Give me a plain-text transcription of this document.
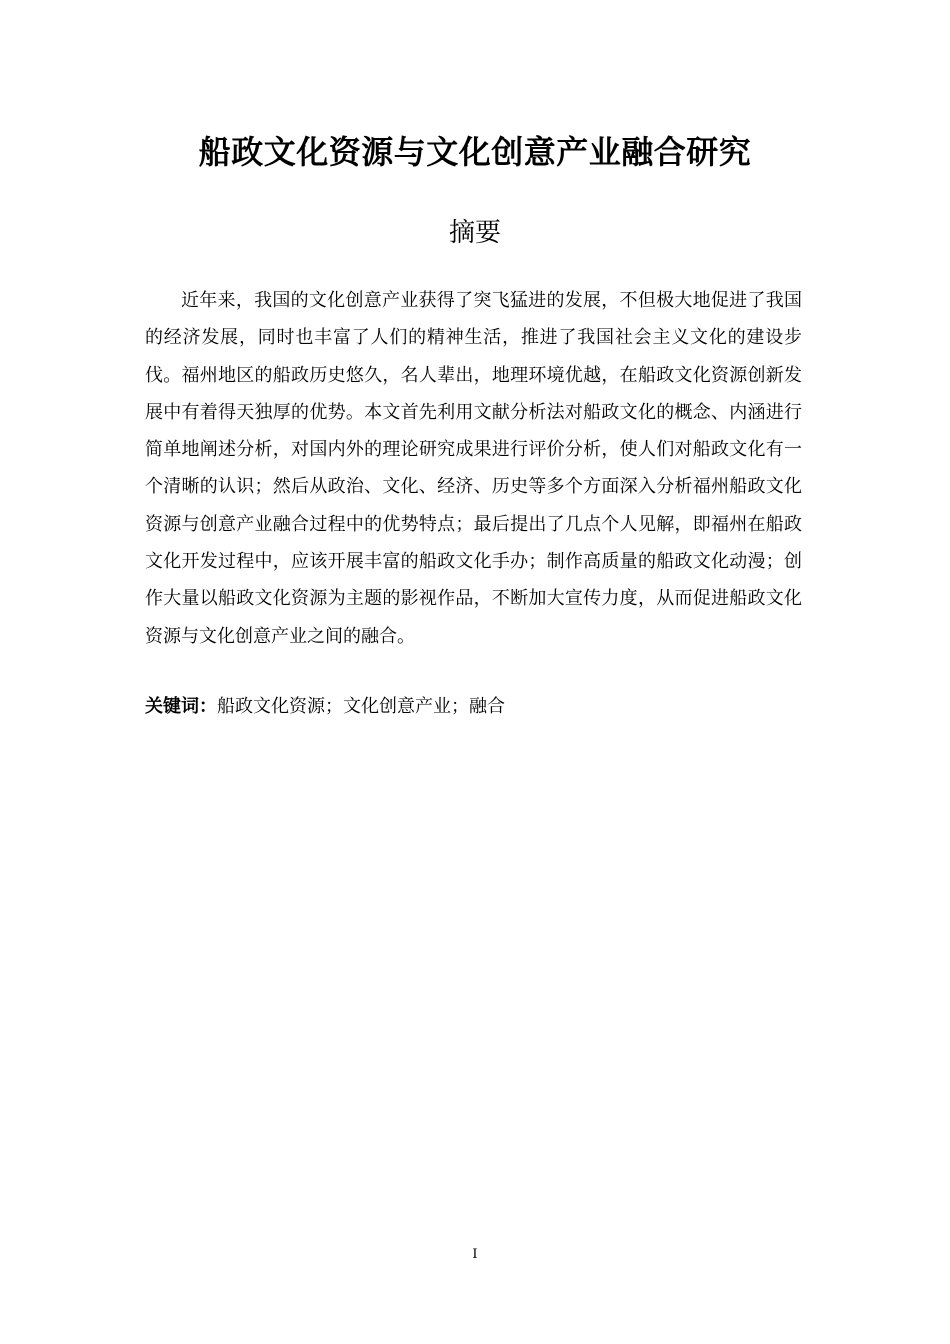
船政文化资源与文化创意产业融合研究
摘要

近年来，我国的文化创意产业获得了突飞猛进的发展，不但极大地促进了我国的经济发展，同时也丰富了人们的精神生活，推进了我国社会主义文化的建设步伐。福州地区的船政历史悠久，名人辈出，地理环境优越，在船政文化资源创新发展中有着得天独厚的优势。本文首先利用文献分析法对船政文化的概念、内涵进行简单地阐述分析，对国内外的理论研究成果进行评价分析，使人们对船政文化有一个清晰的认识；然后从政治、文化、经济、历史等多个方面深入分析福州船政文化资源与创意产业融合过程中的优势特点；最后提出了几点个人见解，即福州在船政文化开发过程中，应该开展丰富的船政文化手办；制作高质量的船政文化动漫；创作大量以船政文化资源为主题的影视作品，不断加大宣传力度，从而促进船政文化资源与文化创意产业之间的融合。

关键词：船政文化资源；文化创意产业；融合

I
